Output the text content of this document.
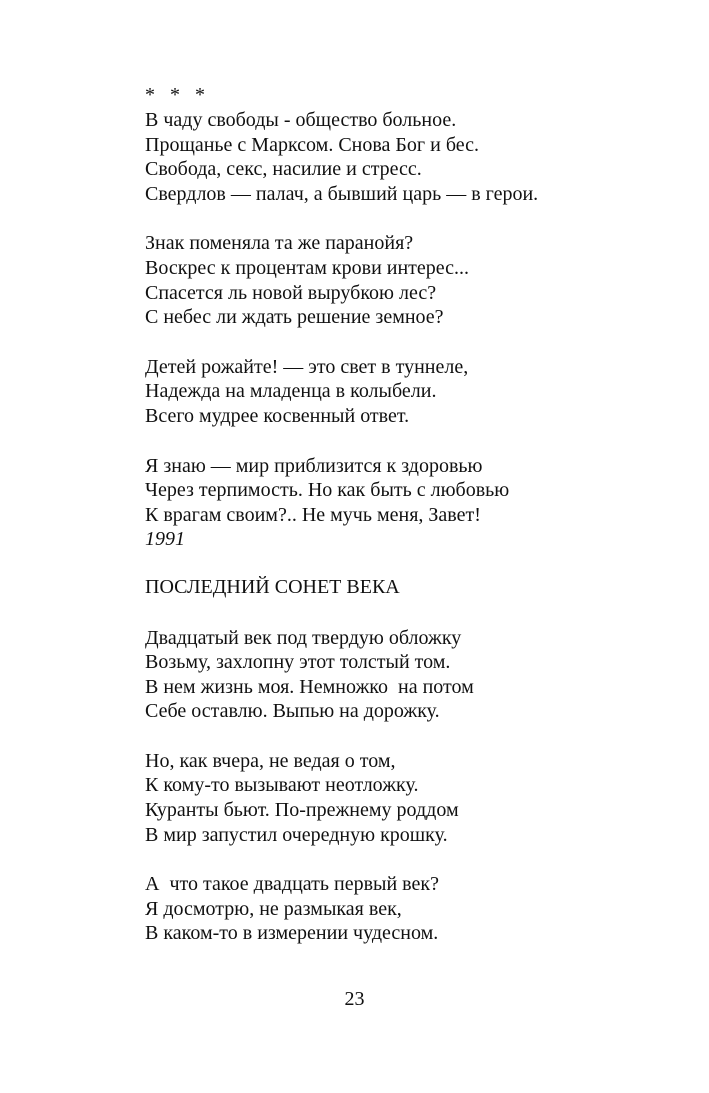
*   *   *
В чаду свободы - общество больное.
Прощанье с Марксом. Снова Бог и бес.
Свобода, секс, насилие и стресс.
Свердлов — палач, а бывший царь — в герои.
Знак поменяла та же паранойя?
Воскрес к процентам крови интерес...
Спасется ль новой вырубкою лес?
С небес ли ждать решение земное?
Детей рожайте! — это свет в туннеле,
Надежда на младенца в колыбели.
Всего мудрее косвенный ответ.
Я знаю — мир приблизится к здоровью
Через терпимость. Но как быть с любовью
К врагам своим?.. Не мучь меня, Завет!
1991
ПОСЛЕДНИЙ СОНЕТ ВЕКА
Двадцатый век под твердую обложку
Возьму, захлопну этот толстый том.
В нем жизнь моя. Немножко  на потом
Себе оставлю. Выпью на дорожку.
Но, как вчера, не ведая о том,
К кому-то вызывают неотложку.
Куранты бьют. По-прежнему роддом
В мир запустил очередную крошку.
А  что такое двадцать первый век?
Я досмотрю, не размыкая век,
В каком-то в измерении чудесном.
23
